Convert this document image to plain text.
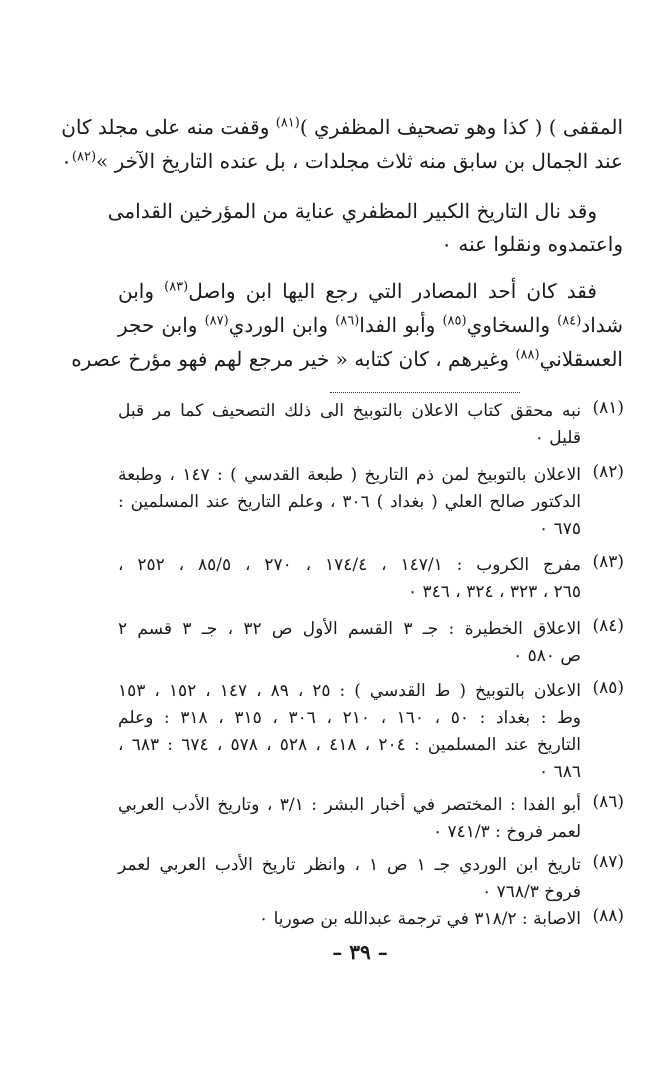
المقفى ) ( كذا وهو تصحيف المظفري )$^{(٨١)}$ وقفت منه على مجلد كان
عند الجمال بن سابق منه ثلاث مجلدات ، بل عنده التاريخ الآخر »$^{(٨٢)}$٠
وقد نال التاريخ الكبير المظفري عناية من المؤرخين القدامى
واعتمدوه ونقلوا عنه ٠
فقد كان أحد المصادر التي رجع اليها ابن واصل$^{(٨٣)}$ وابن
شداد$^{(٨٤)}$ والسخاوي$^{(٨٥)}$ وأبو الفدا$^{(٨٦)}$ وابن الوردي$^{(٨٧)}$ وابن حجر
العسقلاني$^{(٨٨)}$ وغيرهم ، كان كتابه « خير مرجع لهم فهو مؤرخ عصره
(٨١)
نبه محقق كتاب الاعلان بالتوبيخ الى ذلك التصحيف كما مر قبل
قليل ٠
(٨٢)
الاعلان بالتوبيخ لمن ذم التاريخ ( طبعة القدسي ) : ١٤٧ ، وطبعة
الدكتور صالح العلي ( بغداد ) ٣٠٦ ، وعلم التاريخ عند المسلمين :
٦٧٥ ٠
(٨٣)
مفرج الكروب : ١٤٧/١ ، ١٧٤/٤ ، ٢٧٠ ، ٨٥/٥ ، ٢٥٢ ،
٢٦٥ ، ٣٢٣ ، ٣٢٤ ، ٣٤٦ ٠
(٨٤)
الاعلاق الخطيرة : جـ ٣ القسم الأول ص ٣٢ ، جـ ٣ قسم ٢
ص ٥٨٠ ٠
(٨٥)
الاعلان بالتوبيخ ( ط القدسي ) : ٢٥ ، ٨٩ ، ١٤٧ ، ١٥٢ ، ١٥٣
وط : بغداد : ٥٠ ، ١٦٠ ، ٢١٠ ، ٣٠٦ ، ٣١٥ ، ٣١٨ : وعلم
التاريخ عند المسلمين : ٢٠٤ ، ٤١٨ ، ٥٢٨ ، ٥٧٨ ، ٦٧٤ : ٦٨٣ ،
٦٨٦ ٠
(٨٦)
أبو الفدا : المختصر في أخبار البشر : ٣/١ ، وتاريخ الأدب العربي
لعمر فروخ : ٧٤١/٣ ٠
(٨٧)
تاريخ ابن الوردي جـ ١ ص ١ ، وانظر تاريخ الأدب العربي لعمر
فروخ ٧٦٨/٣ ٠
(٨٨)
الاصابة : ٣١٨/٢ في ترجمة عبدالله بن صوريا ٠
– ٣٩ –
